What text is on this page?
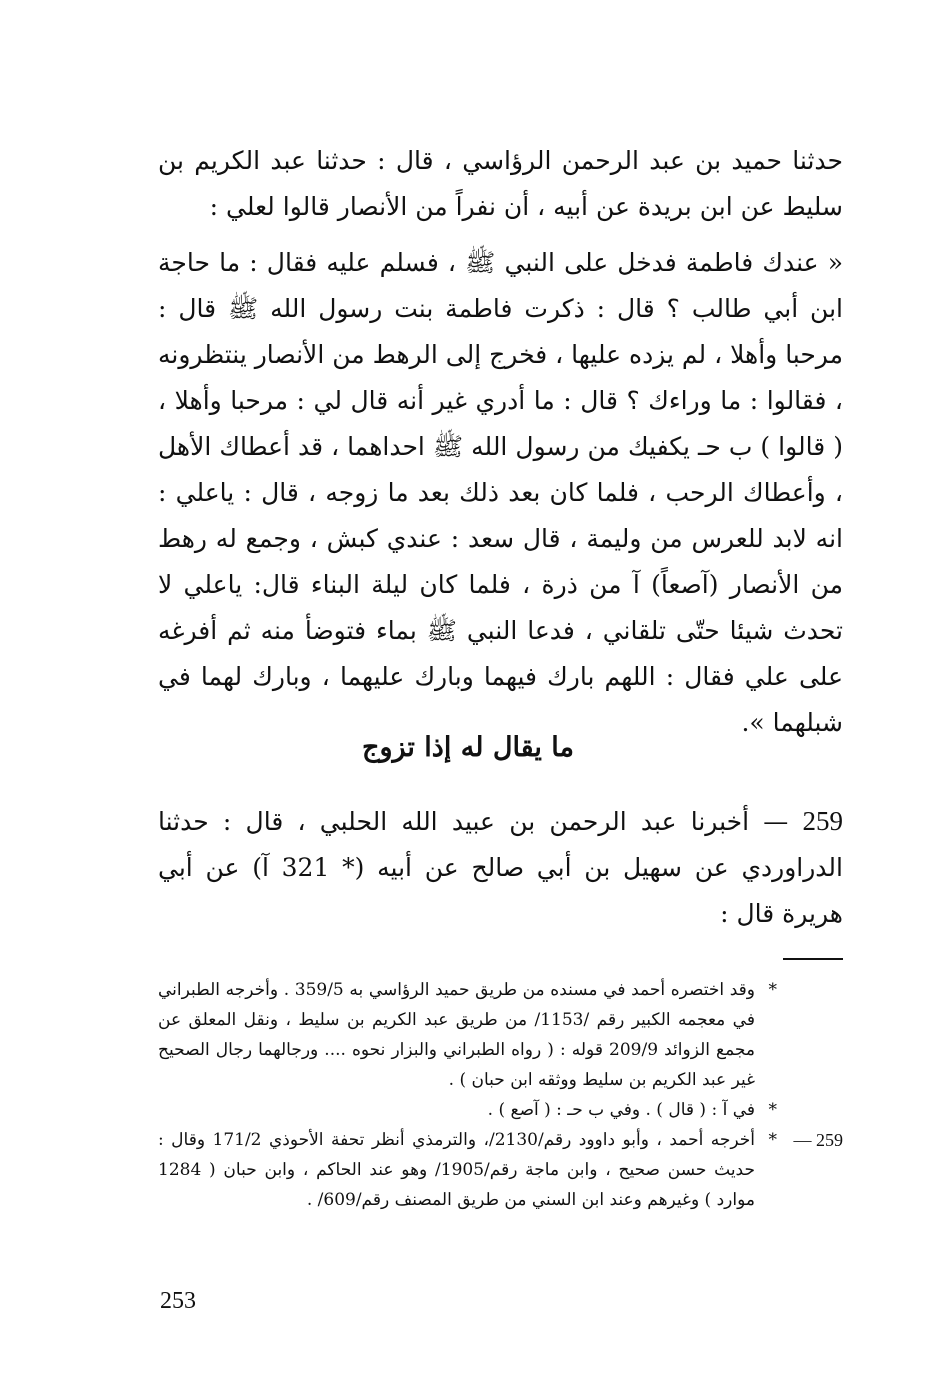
حدثنا حميد بن عبد الرحمن الرؤاسي ، قال : حدثنا عبد الكريم بن سليط عن ابن بريدة عن أبيه ، أن نفراً من الأنصار قالوا لعلي :

« عندك فاطمة فدخل على النبي ﷺ ، فسلم عليه فقال : ما حاجة ابن أبي طالب ؟ قال : ذكرت فاطمة بنت رسول الله ﷺ قال : مرحبا وأهلا ، لم يزده عليها ، فخرج إلى الرهط من الأنصار ينتظرونه ، فقالوا : ما وراءك ؟ قال : ما أدري غير أنه قال لي : مرحبا وأهلا ، ( قالوا ) ب حـ يكفيك من رسول الله ﷺ احداهما ، قد أعطاك الأهل ، وأعطاك الرحب ، فلما كان بعد ذلك بعد ما زوجه ، قال : ياعلي : انه لابد للعرس من وليمة ، قال سعد : عندي كبش ، وجمع له رهط من الأنصار (آصعاً) آ من ذرة ، فلما كان ليلة البناء قال: ياعلي لا تحدث شيئا حتّى تلقاني ، فدعا النبي ﷺ بماء فتوضأ منه ثم أفرغه على علي فقال : اللهم بارك فيهما وبارك عليهما ، وبارك لهما في شبلهما ».

ما يقال له إذا تزوج

259 — أخبرنا عبد الرحمن بن عبيد الله الحلبي ، قال : حدثنا الدراوردي عن سهيل بن أبي صالح عن أبيه (* 321 آ) عن أبي هريرة قال :

*
وقد اختصره أحمد في مسنده من طريق حميد الرؤاسي به 359/5 . وأخرجه الطبراني في معجمه الكبير رقم /1153/ من طريق عبد الكريم بن سليط ، ونقل المعلق عن مجمع الزوائد 209/9 قوله : ( رواه الطبراني والبزار نحوه .... ورجالهما رجال الصحيح غير عبد الكريم بن سليط ووثقه ابن حبان ) .
*
في آ : ( قال ) . وفي ب حـ : ( آصع ) .
259 —
*
أخرجه أحمد ، وأبو داوود رقم/2130/، والترمذي أنظر تحفة الأحوذي 171/2 وقال : حديث حسن صحيح ، وابن ماجة رقم/1905/ وهو عند الحاكم ، وابن حبان ( 1284 موارد ) وغيرهم وعند ابن السني من طريق المصنف رقم/609/ .
253
